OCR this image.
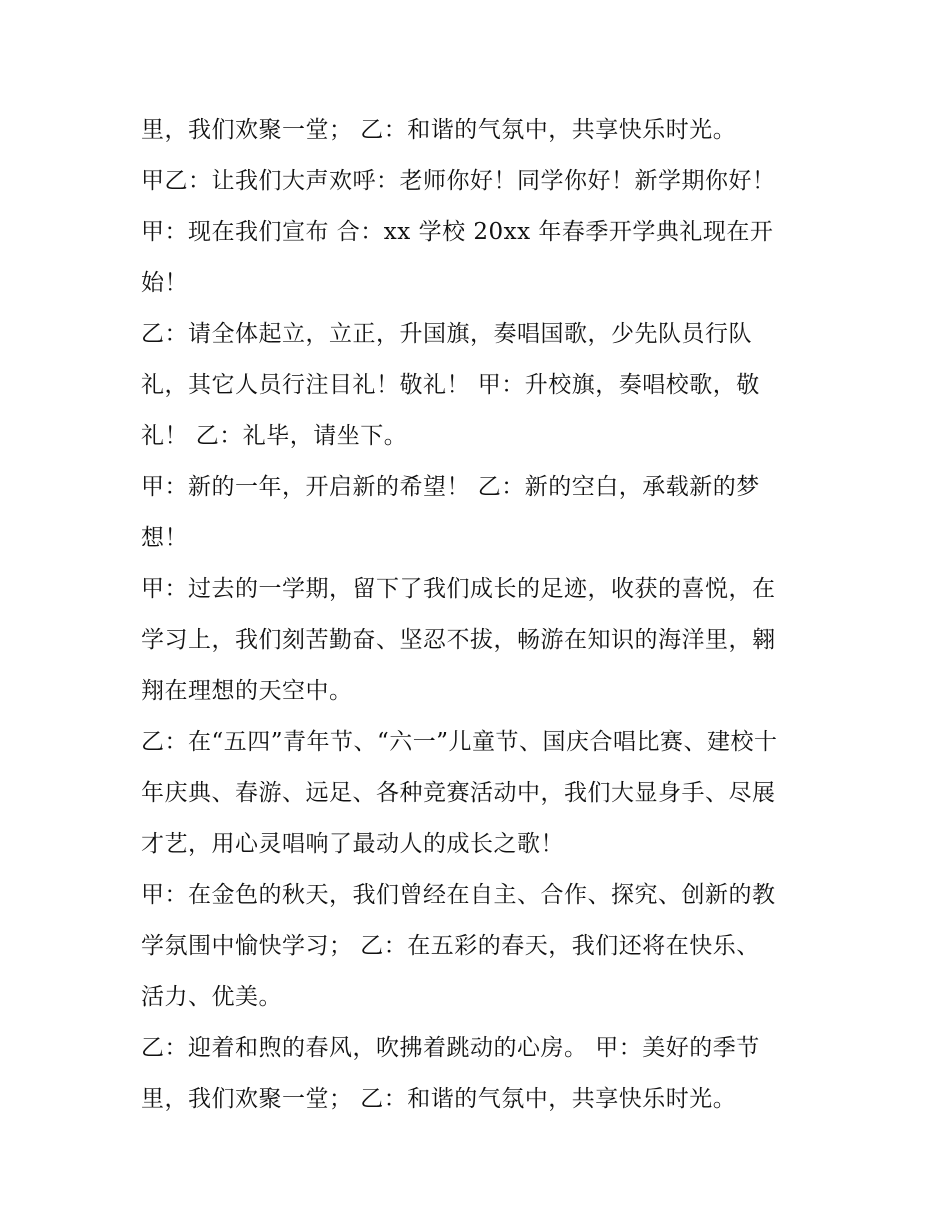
里，我们欢聚一堂； 乙：和谐的气氛中，共享快乐时光。

甲乙：让我们大声欢呼：老师你好！同学你好！新学期你好！

甲：现在我们宣布 合：xx 学校 20xx 年春季开学典礼现在开
始！

乙：请全体起立，立正，升国旗，奏唱国歌，少先队员行队
礼，其它人员行注目礼！敬礼！ 甲：升校旗，奏唱校歌，敬
礼！ 乙：礼毕，请坐下。

甲：新的一年，开启新的希望！ 乙：新的空白，承载新的梦
想！

甲：过去的一学期，留下了我们成长的足迹，收获的喜悦，在
学习上，我们刻苦勤奋、坚忍不拔，畅游在知识的海洋里，翱
翔在理想的天空中。

乙：在“五四”青年节、“六一”儿童节、国庆合唱比赛、建校十
年庆典、春游、远足、各种竞赛活动中，我们大显身手、尽展
才艺，用心灵唱响了最动人的成长之歌！

甲：在金色的秋天，我们曾经在自主、合作、探究、创新的教
学氛围中愉快学习； 乙：在五彩的春天，我们还将在快乐、
活力、优美。

乙：迎着和煦的春风，吹拂着跳动的心房。 甲：美好的季节
里，我们欢聚一堂； 乙：和谐的气氛中，共享快乐时光。
